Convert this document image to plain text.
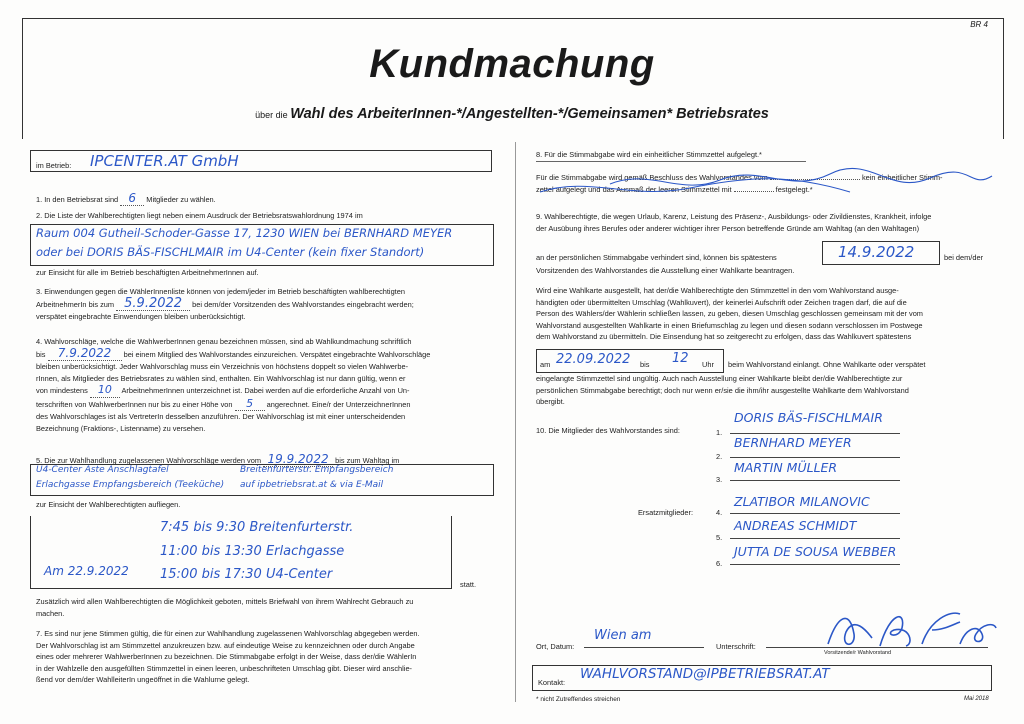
BR 4
Kundmachung
über die Wahl des ArbeiterInnen-*/Angestellten-*/Gemeinsamen* Betriebsrates
im Betrieb: IPCENTER.AT GmbH
1. In den Betriebsrat sind 6 Mitglieder zu wählen.
2. Die Liste der Wahlberechtigten liegt neben einem Ausdruck der Betriebsratswahlordnung 1974 im
Raum 004 Gutheil-Schoder-Gasse 17, 1230 WIEN bei BERNHARD MEYER
oder bei DORIS BÄS-FISCHLMAIR im U4-Center (kein fixer Standort)
zur Einsicht für alle im Betrieb beschäftigten ArbeitnehmerInnen auf.
3. Einwendungen gegen die WählerInnenliste können von jedem/jeder im Betrieb beschäftigten wahlberechtigten
ArbeitnehmerIn bis zum 5.9.2022 bei dem/der Vorsitzenden des Wahlvorstandes eingebracht werden;
verspätet eingebrachte Einwendungen bleiben unberücksichtigt.
4. Wahlvorschläge, welche die WahlwerberInnen genau bezeichnen müssen, sind ab Wahlkundmachung schriftlich
bis 7.9.2022 bei einem Mitglied des Wahlvorstandes einzureichen. Verspätet eingebrachte Wahlvorschläge
bleiben unberücksichtigt. Jeder Wahlvorschlag muss ein Verzeichnis von höchstens doppelt so vielen Wahlwerbe-
rInnen, als Mitglieder des Betriebsrates zu wählen sind, enthalten. Ein Wahlvorschlag ist nur dann gültig, wenn er
von mindestens 10 ArbeitnehmerInnen unterzeichnet ist. Dabei werden auf die erforderliche Anzahl von Un-
terschriften von WahlwerberInnen nur bis zu einer Höhe von 5 angerechnet. Eine/r der UnterzeichnerInnen
des Wahlvorschlages ist als VertreterIn desselben anzuführen. Der Wahlvorschlag ist mit einer unterscheidenden
Bezeichnung (Fraktions-, Listenname) zu versehen.
5. Die zur Wahlhandlung zugelassenen Wahlvorschläge werden vom 19.9.2022 bis zum Wahltag im
U4-Center Aste Anschlagtafel
Erlachgasse Empfangsbereich (Teeküche)
Breitenfurterstr. Empfangsbereich
auf ipbetriebsrat.at & via E-Mail
zur Einsicht der Wahlberechtigten aufliegen.
7:45 bis 9:30 Breitenfurterstr.
11:00 bis 13:30 Erlachgasse
15:00 bis 17:30 U4-Center
Am 22.9.2022
statt.
Zusätzlich wird allen Wahlberechtigten die Möglichkeit geboten, mittels Briefwahl von ihrem Wahlrecht Gebrauch zu
machen.
7. Es sind nur jene Stimmen gültig, die für einen zur Wahlhandlung zugelassenen Wahlvorschlag abgegeben werden.
Der Wahlvorschlag ist am Stimmzettel anzukreuzen bzw. auf eindeutige Weise zu kennzeichnen oder durch Angabe
eines oder mehrerer WahlwerberInnen zu bezeichnen. Die Stimmabgabe erfolgt in der Weise, dass der/die WählerIn
in der Wahlzelle den ausgefüllten Stimmzettel in einen leeren, unbeschrifteten Umschlag gibt. Dieser wird anschlie-
ßend vor dem/der WahlleiterIn ungeöffnet in die Wahlurne gelegt.
8. Für die Stimmabgabe wird ein einheitlicher Stimmzettel aufgelegt.*
Für die Stimmabgabe wird gemäß Beschluss des Wahlvorstandes vom	kein einheitlicher Stimm-
zettel aufgelegt und das Ausmaß der leeren Stimmzettel mit	festgelegt.*
9. Wahlberechtigte, die wegen Urlaub, Karenz, Leistung des Präsenz-, Ausbildungs- oder Zivildienstes, Krankheit, infolge
der Ausübung ihres Berufes oder anderer wichtiger ihrer Person betreffende Gründe am Wahltag (an den Wahltagen)
an der persönlichen Stimmabgabe verhindert sind, können bis spätestens	14.9.2022	bei dem/der
Vorsitzenden des Wahlvorstandes die Ausstellung einer Wahlkarte beantragen.
Wird eine Wahlkarte ausgestellt, hat der/die Wahlberechtigte den Stimmzettel in den vom Wahlvorstand ausge-
händigten oder übermittelten Umschlag (Wahlkuvert), der keinerlei Aufschrift oder Zeichen tragen darf, die auf die
Person des Wählers/der Wählerin schließen lassen, zu geben, diesen Umschlag geschlossen gemeinsam mit der vom
Wahlvorstand ausgestellten Wahlkarte in einen Briefumschlag zu legen und diesen sodann verschlossen im Postwege
dem Wahlvorstand zu übermitteln. Die Einsendung hat so zeitgerecht zu erfolgen, dass das Wahlkuvert spätestens
am 22.09.2022 bis 12 Uhr beim Wahlvorstand einlangt. Ohne Wahlkarte oder verspätet
eingelangte Stimmzettel sind ungültig. Auch nach Ausstellung einer Wahlkarte bleibt der/die Wahlberechtigte zur
persönlichen Stimmabgabe berechtigt; doch nur wenn er/sie die ihm/ihr ausgestellte Wahlkarte dem Wahlvorstand
übergibt.
10. Die Mitglieder des Wahlvorstandes sind:
Ersatzmitglieder:
1.
DORIS BÄS-FISCHLMAIR
2.
BERNHARD MEYER
3.
MARTIN MÜLLER
4.
ZLATIBOR MILANOVIC
5.
ANDREAS SCHMIDT
6.
JUTTA DE SOUSA WEBBER
Ort, Datum:
Wien am
Unterschrift:
Vorsitzende/r Wahlvorstand
Kontakt:
WAHLVORSTAND@IPBETRIEBSRAT.AT
* nicht Zutreffendes streichen	Mai 2018
